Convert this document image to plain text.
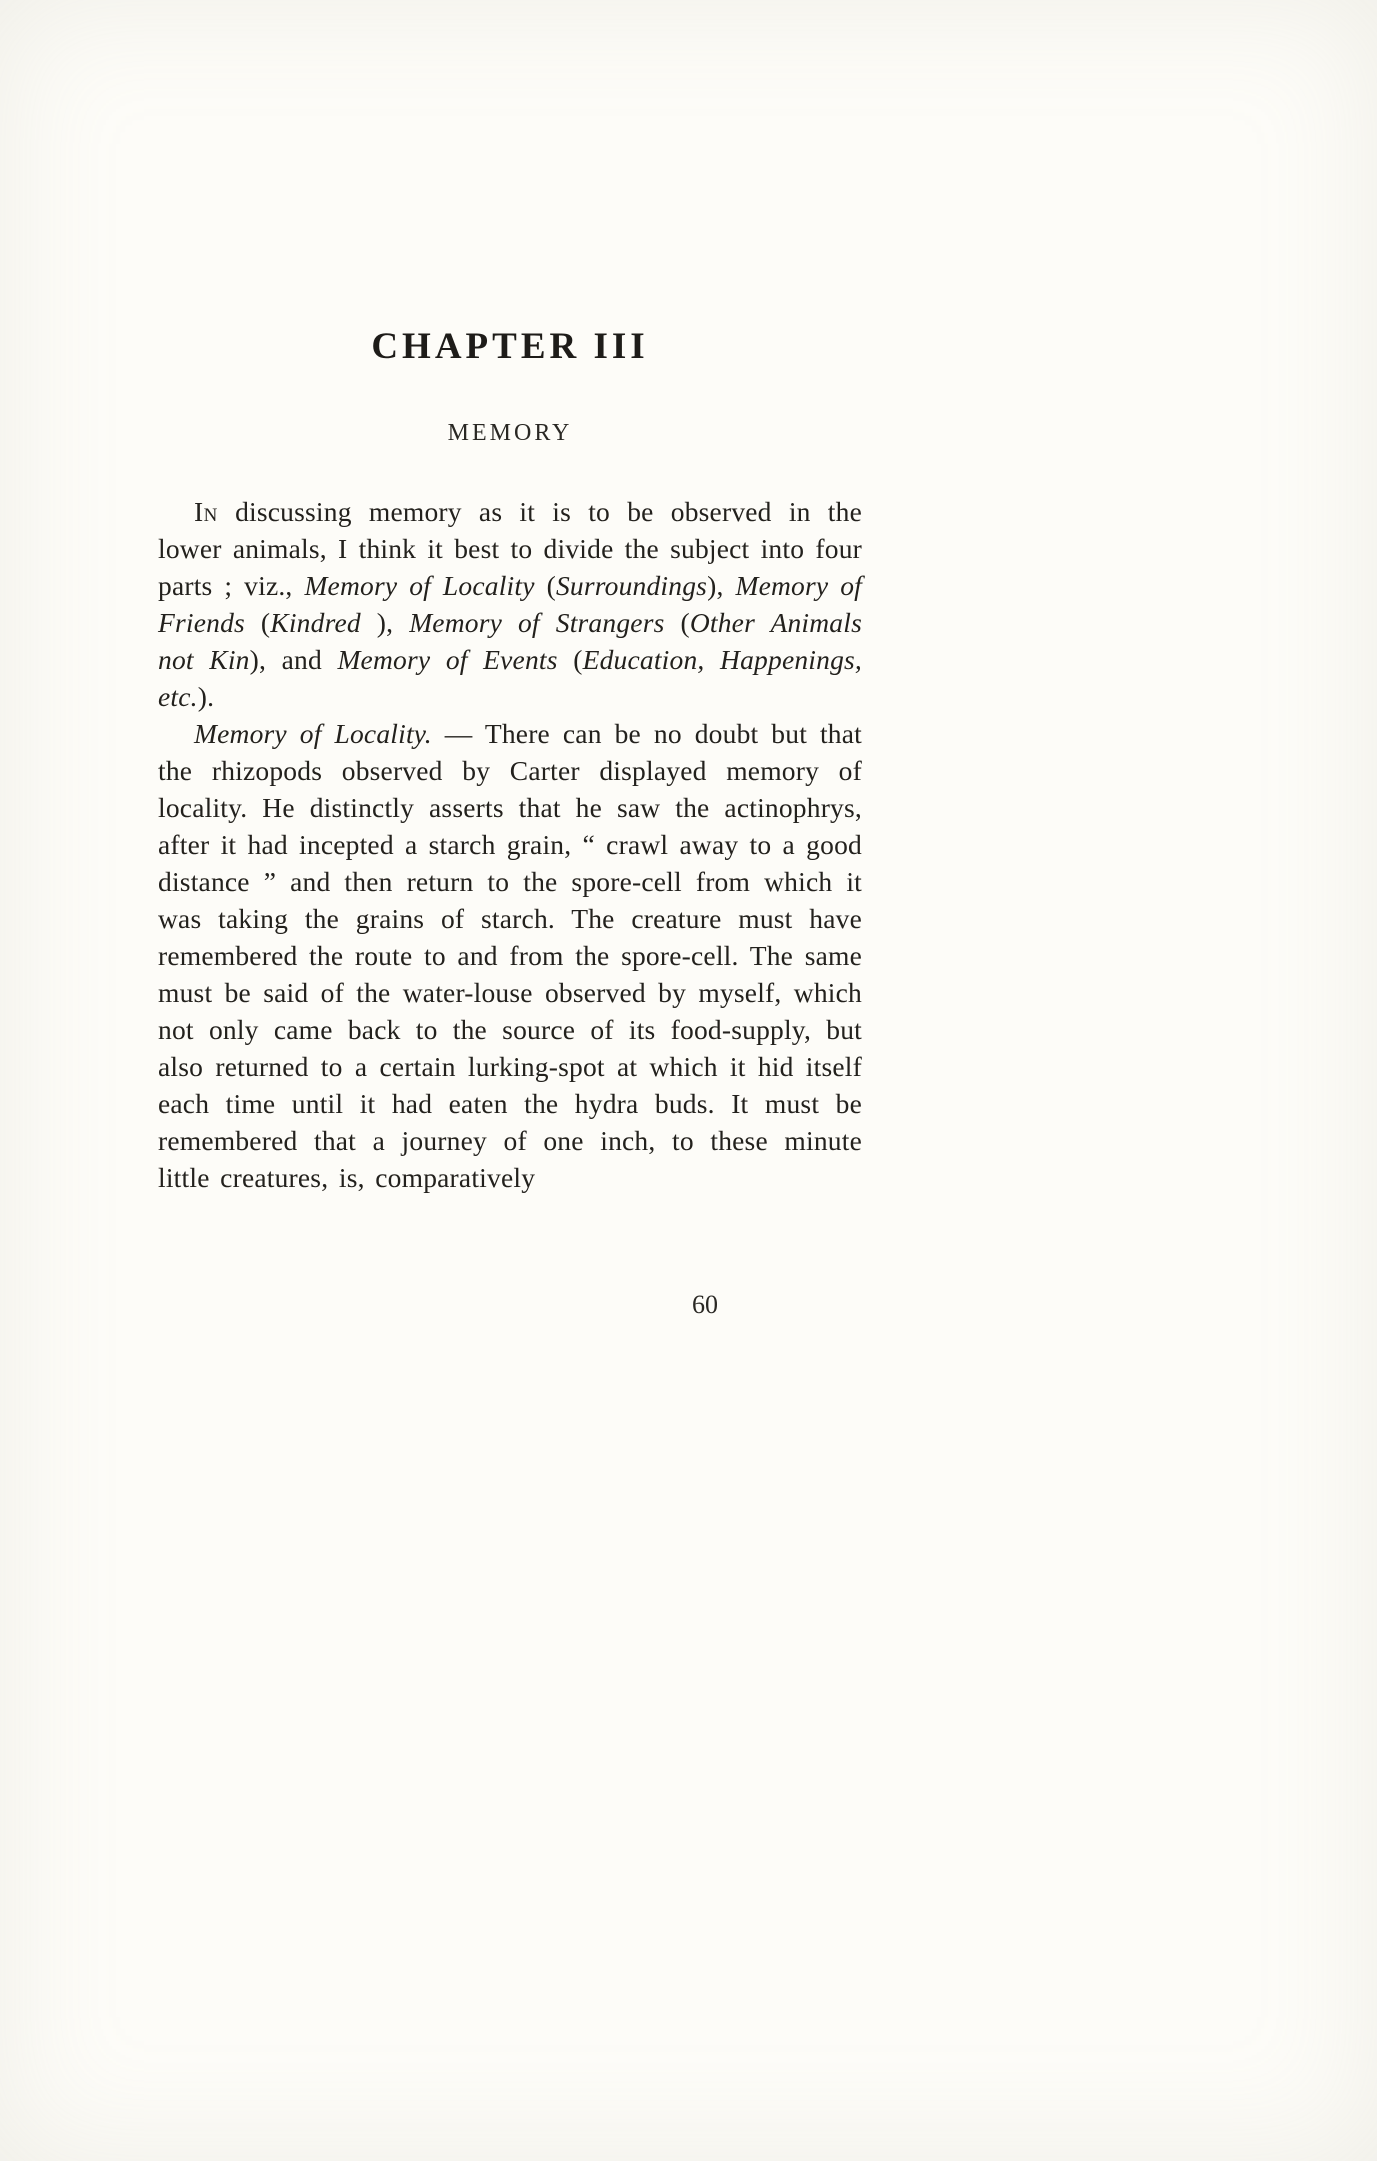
CHAPTER III
MEMORY

In discussing memory as it is to be observed in the lower animals, I think it best to divide the subject into four parts ; viz., Memory of Locality (Surroundings), Memory of Friends (Kindred ), Memory of Strangers (Other Animals not Kin), and Memory of Events (Education, Happenings, etc.).

Memory of Locality. — There can be no doubt but that the rhizopods observed by Carter displayed memory of locality. He distinctly asserts that he saw the actinophrys, after it had incepted a starch grain, “ crawl away to a good distance ” and then return to the spore-cell from which it was taking the grains of starch. The creature must have remembered the route to and from the spore-cell. The same must be said of the water-louse observed by myself, which not only came back to the source of its food-supply, but also returned to a certain lurking-spot at which it hid itself each time until it had eaten the hydra buds. It must be remembered that a journey of one inch, to these minute little creatures, is, comparatively

60
